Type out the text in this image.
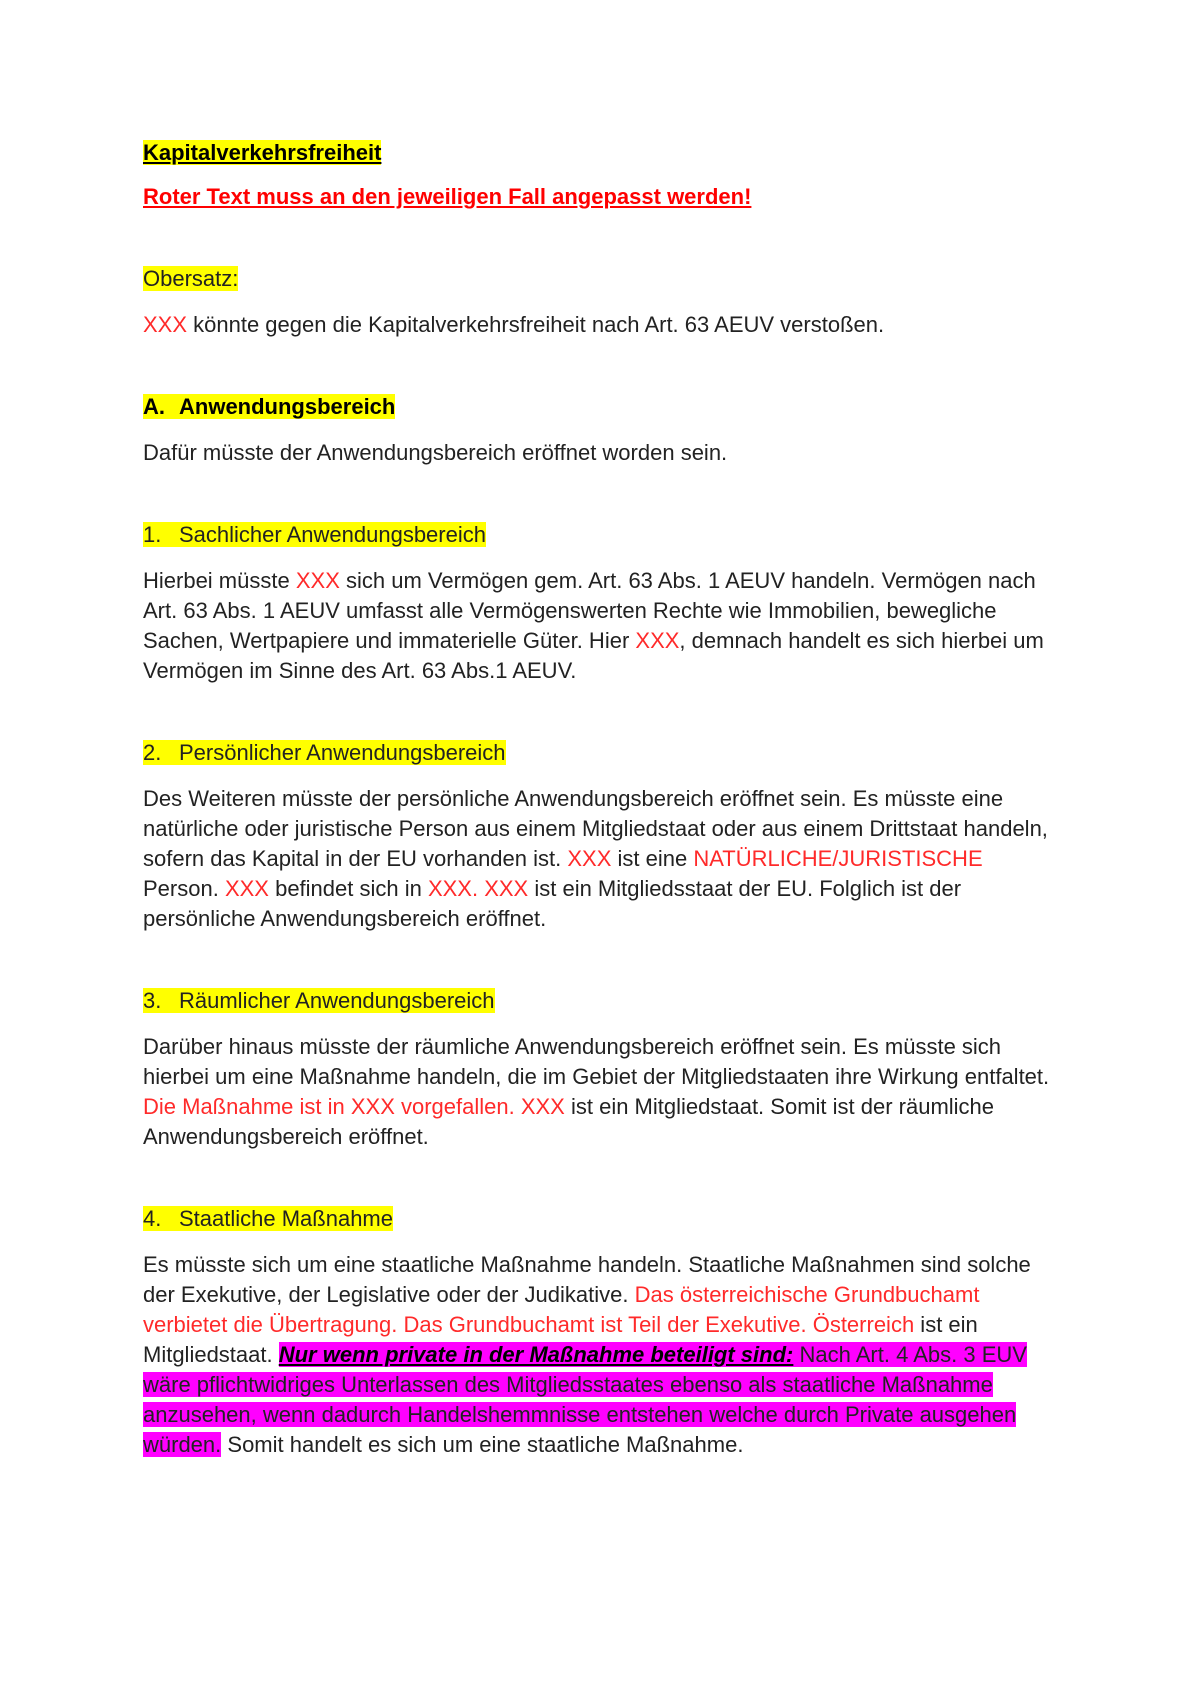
Kapitalverkehrsfreiheit

Roter Text muss an den jeweiligen Fall angepasst werden!

Obersatz:

XXX könnte gegen die Kapitalverkehrsfreiheit nach Art. 63 AEUV verstoßen.

A. Anwendungsbereich

Dafür müsste der Anwendungsbereich eröffnet worden sein.

1. Sachlicher Anwendungsbereich

Hierbei müsste XXX sich um Vermögen gem. Art. 63 Abs. 1 AEUV handeln. Vermögen nach Art. 63 Abs. 1 AEUV umfasst alle Vermögenswerten Rechte wie Immobilien, bewegliche Sachen, Wertpapiere und immaterielle Güter. Hier XXX, demnach handelt es sich hierbei um Vermögen im Sinne des Art. 63 Abs.1 AEUV.

2. Persönlicher Anwendungsbereich

Des Weiteren müsste der persönliche Anwendungsbereich eröffnet sein. Es müsste eine natürliche oder juristische Person aus einem Mitgliedstaat oder aus einem Drittstaat handeln, sofern das Kapital in der EU vorhanden ist. XXX ist eine NATÜRLICHE/JURISTISCHE Person. XXX befindet sich in XXX. XXX ist ein Mitgliedsstaat der EU. Folglich ist der persönliche Anwendungsbereich eröffnet.

3. Räumlicher Anwendungsbereich

Darüber hinaus müsste der räumliche Anwendungsbereich eröffnet sein. Es müsste sich hierbei um eine Maßnahme handeln, die im Gebiet der Mitgliedstaaten ihre Wirkung entfaltet. Die Maßnahme ist in XXX vorgefallen. XXX ist ein Mitgliedstaat. Somit ist der räumliche Anwendungsbereich eröffnet.

4. Staatliche Maßnahme

Es müsste sich um eine staatliche Maßnahme handeln. Staatliche Maßnahmen sind solche der Exekutive, der Legislative oder der Judikative. Das österreichische Grundbuchamt verbietet die Übertragung. Das Grundbuchamt ist Teil der Exekutive. Österreich ist ein Mitgliedstaat. Nur wenn private in der Maßnahme beteiligt sind: Nach Art. 4 Abs. 3 EUV wäre pflichtwidriges Unterlassen des Mitgliedsstaates ebenso als staatliche Maßnahme anzusehen, wenn dadurch Handelshemmnisse entstehen welche durch Private ausgehen würden. Somit handelt es sich um eine staatliche Maßnahme.
